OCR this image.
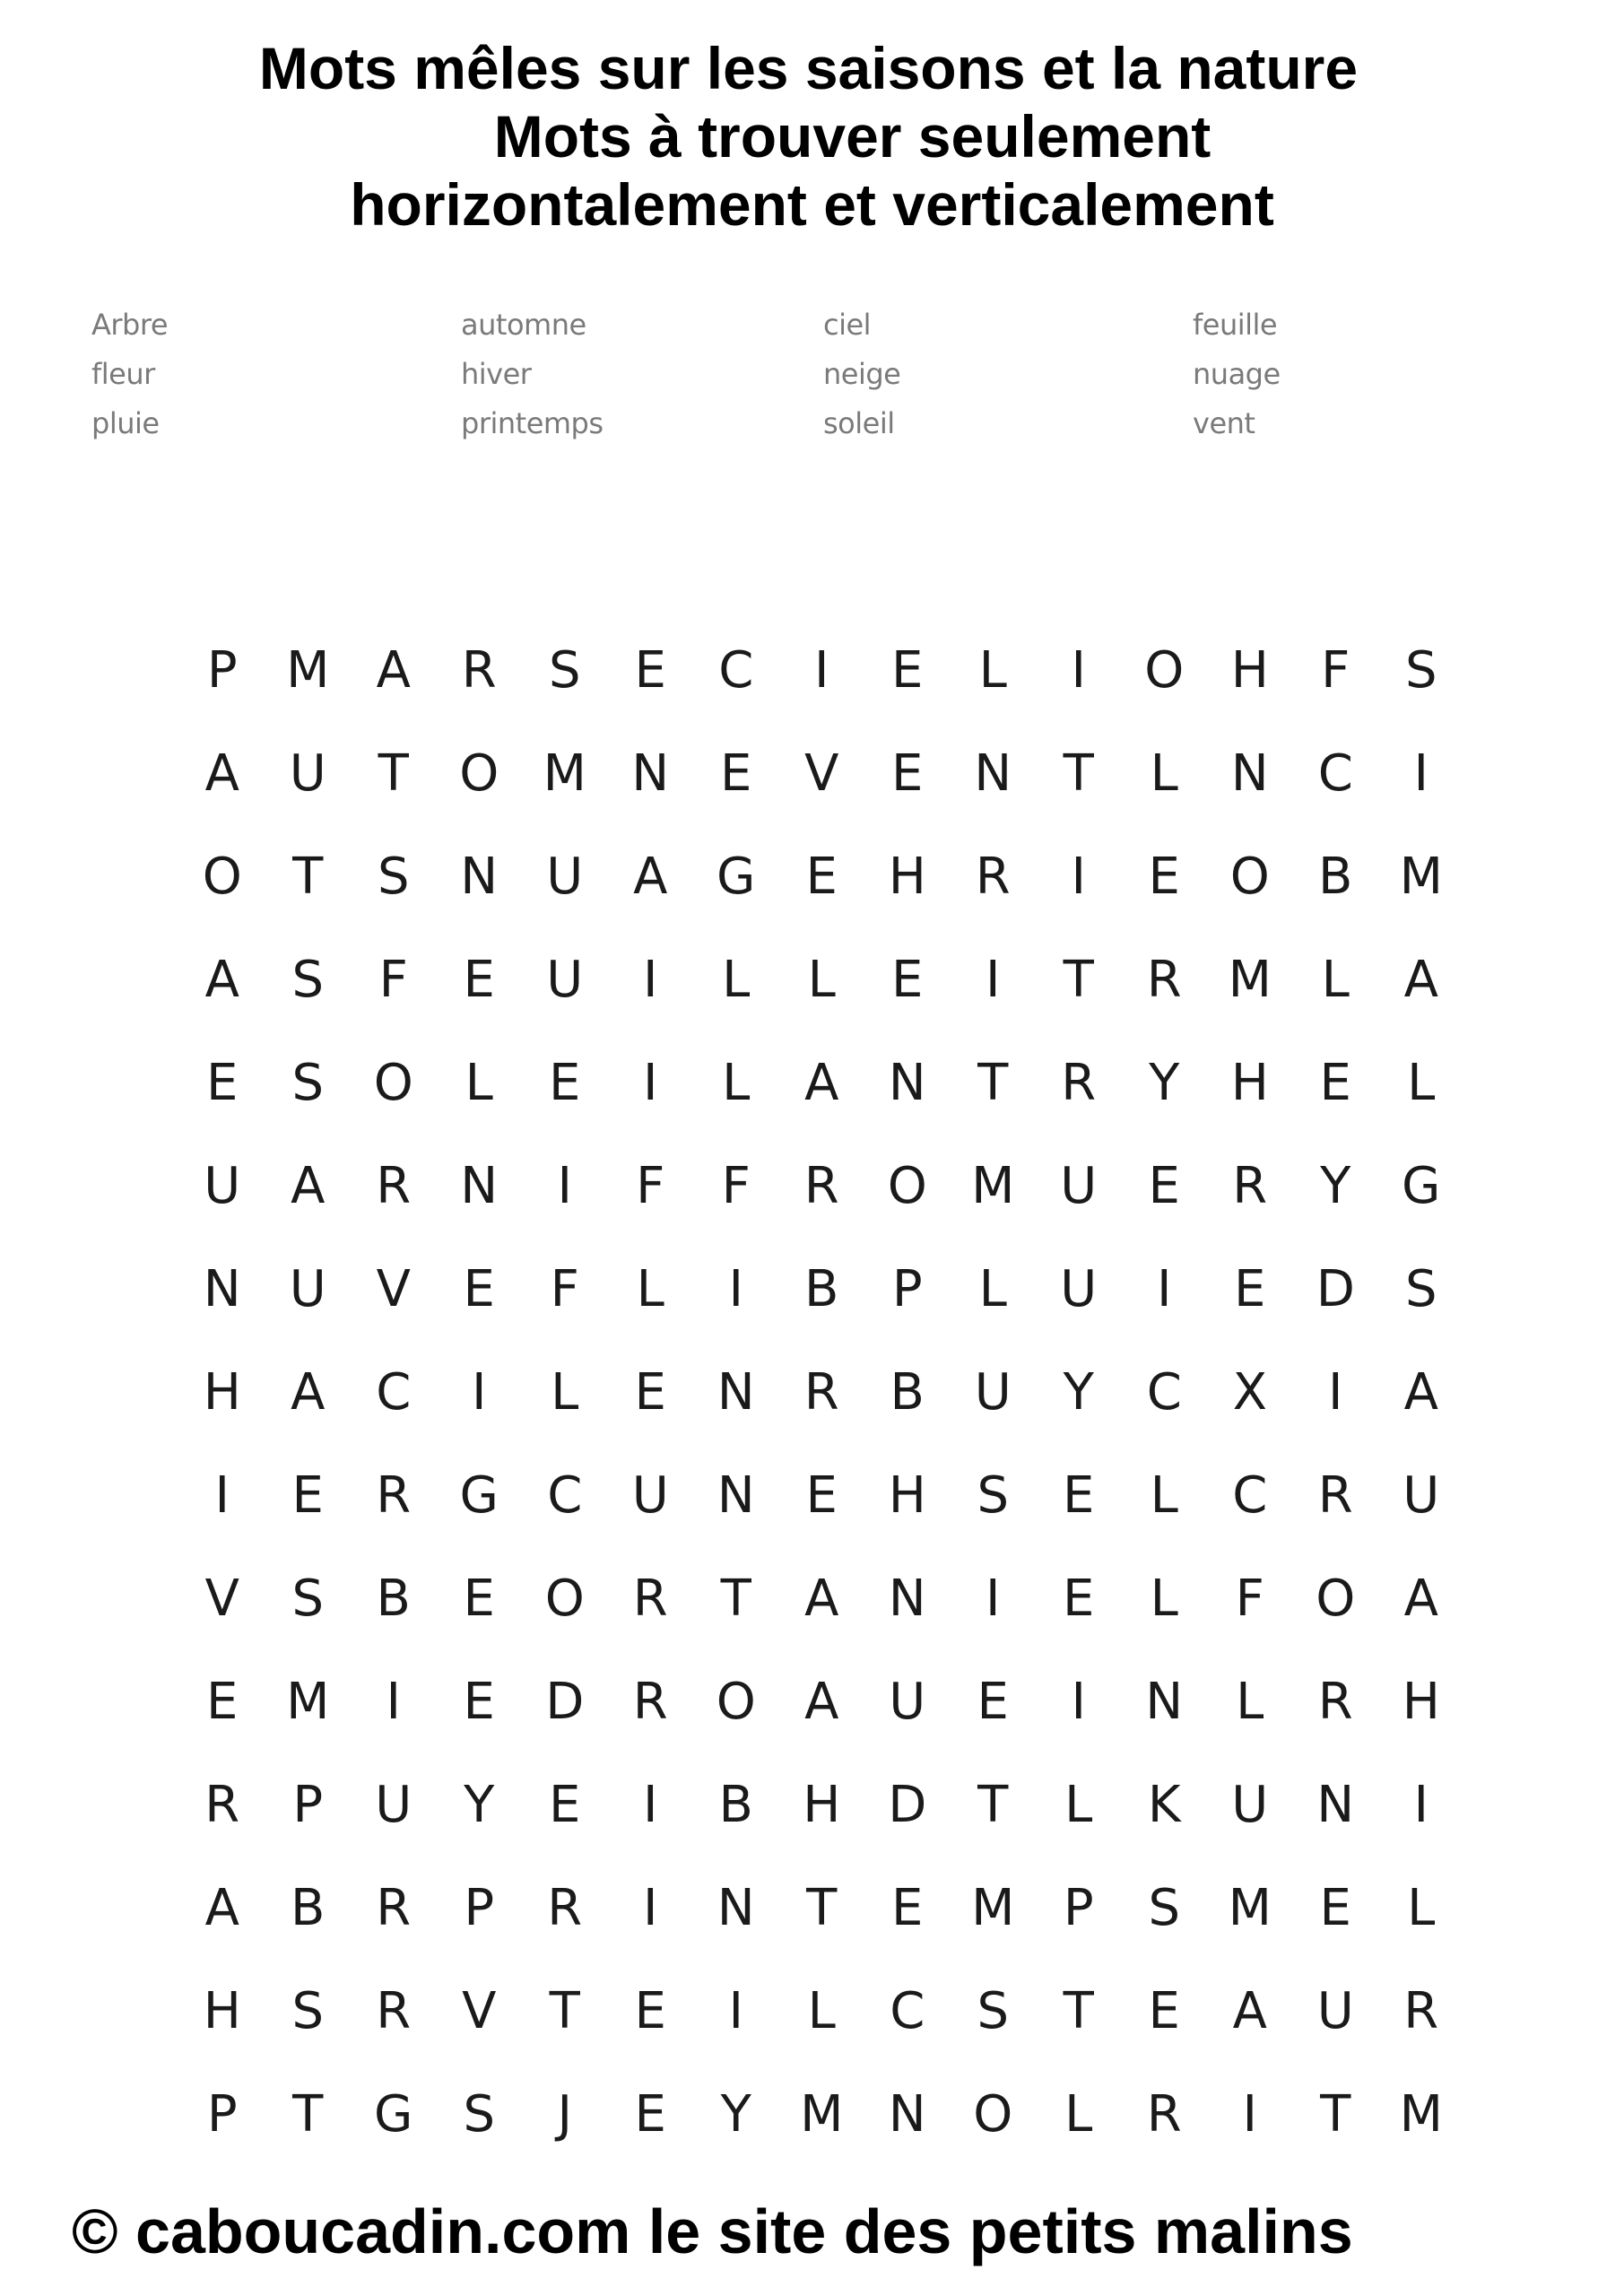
Mots mêles sur les saisons et la nature
Mots à trouver seulement
horizontalement et verticalement
Arbre	automne	ciel	feuille
fleur	hiver	neige	nuage
pluie	printemps	soleil	vent
P M A	R	S	E	C	I	E	L	I	O H	F	S
A U	T	O M N	E	V	E	N	T	L	N C	I
O	T	S	N U A G	E	H R	I	E O B M
A	S	F	E	U	I	L	L	E	I	T	R M L	A
E	S O	L	E	I	L	A N	T	R	Y	H	E	L
U A	R N	I	F	F	R O M U	E	R	Y	G
N U V	E	F	L	I	B	P	L	U	I	E	D	S
H A	C	I	L	E	N R	B U	Y	C	X	I	A
I	E	R G C U N	E	H	S	E	L	C	R U
V	S	B	E O R	T	A N	I	E	L	F	O A
E M	I	E	D R O A U	E	I	N	L	R H
R	P	U	Y	E	I	B H D	T	L	K	U N	I
A	B	R	P	R	I	N	T	E M P	S M E	L
H	S	R	V	T	E	I	L	C	S	T	E	A U R
P	T	G	S	J	E	Y M N O	L	R	I	T M

© caboucadin.com le site des petits malins
